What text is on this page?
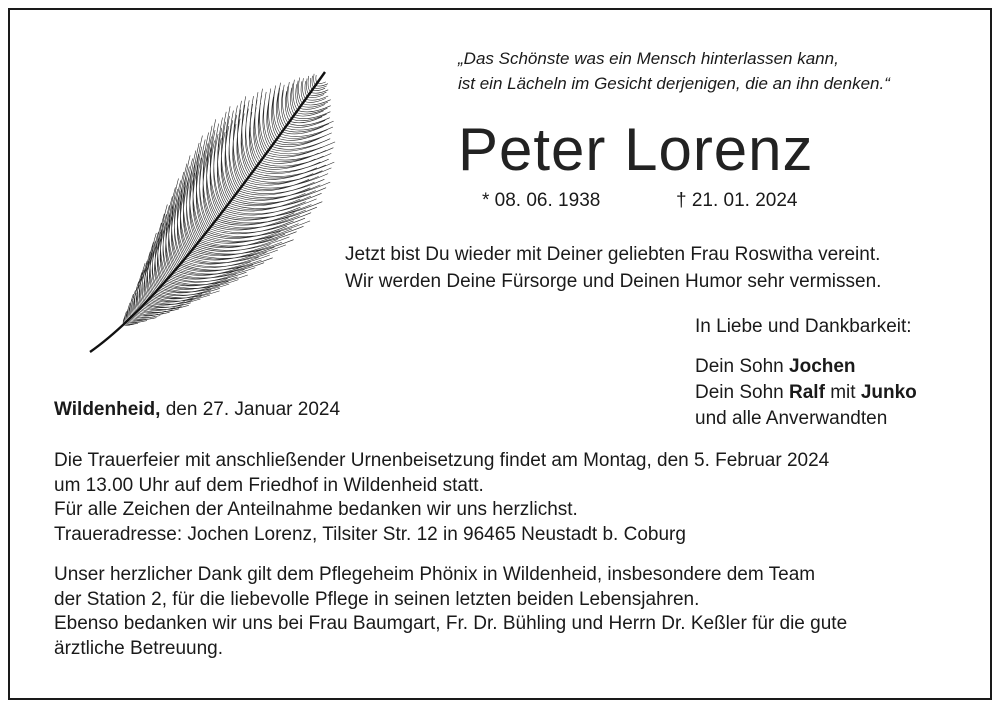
„Das Schönste was ein Mensch hinterlassen kann,
ist ein Lächeln im Gesicht derjenigen, die an ihn denken.“
Peter Lorenz
* 08. 06. 1938	† 21. 01. 2024
Jetzt bist Du wieder mit Deiner geliebten Frau Roswitha vereint.
Wir werden Deine Fürsorge und Deinen Humor sehr vermissen.
In Liebe und Dankbarkeit:
Dein Sohn Jochen
Dein Sohn Ralf mit Junko
und alle Anverwandten
Wildenheid, den 27. Januar 2024
Die Trauerfeier mit anschließender Urnenbeisetzung findet am Montag, den 5. Februar 2024
um 13.00 Uhr auf dem Friedhof in Wildenheid statt.
Für alle Zeichen der Anteilnahme bedanken wir uns herzlichst.
Traueradresse: Jochen Lorenz, Tilsiter Str. 12 in 96465 Neustadt b. Coburg
Unser herzlicher Dank gilt dem Pflegeheim Phönix in Wildenheid, insbesondere dem Team
der Station 2, für die liebevolle Pflege in seinen letzten beiden Lebensjahren.
Ebenso bedanken wir uns bei Frau Baumgart, Fr. Dr. Bühling und Herrn Dr. Keßler für die gute
ärztliche Betreuung.
